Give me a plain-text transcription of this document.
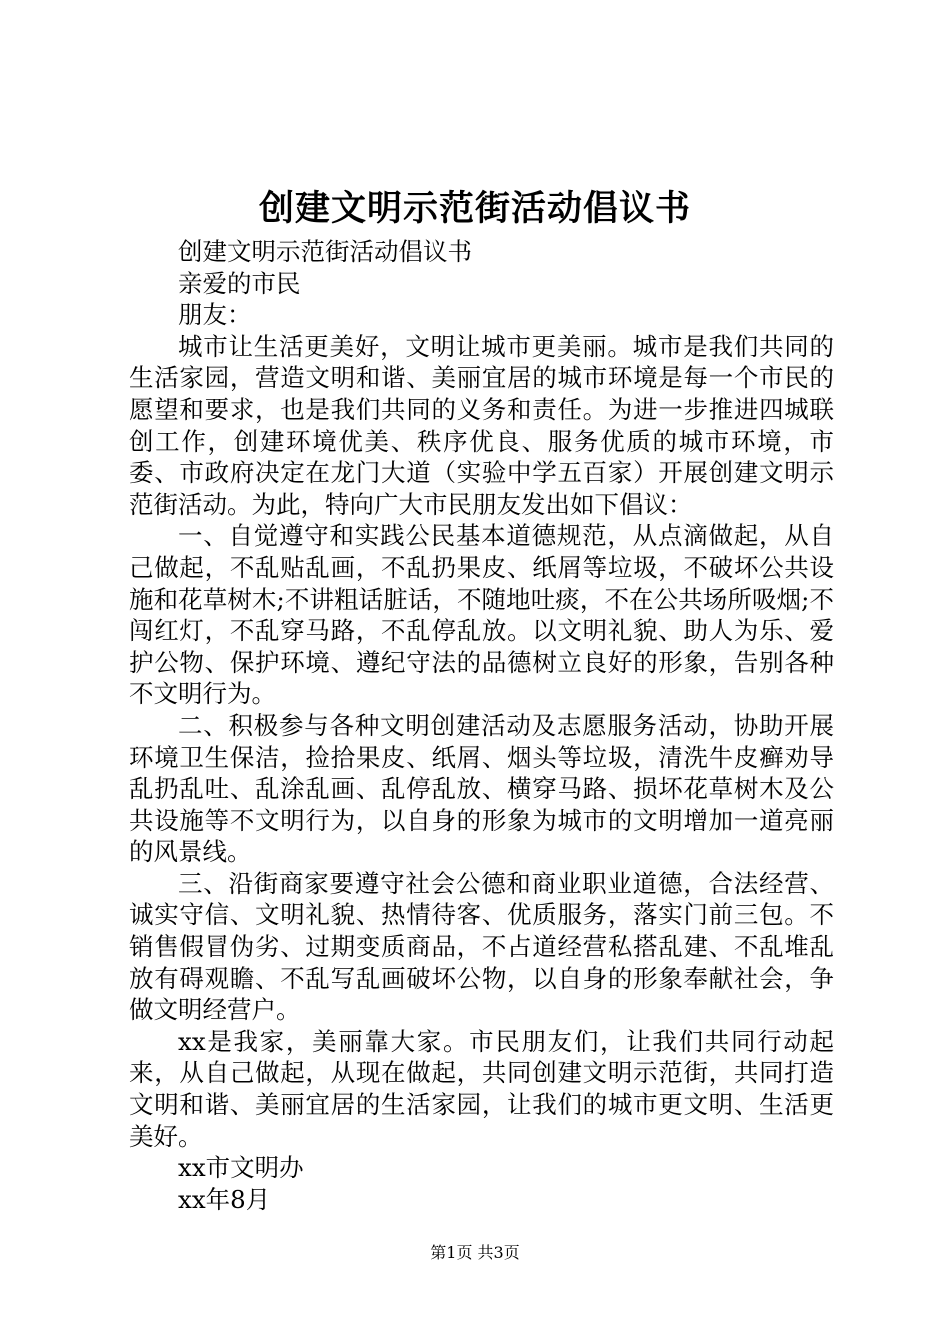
创建文明示范街活动倡议书

创建文明示范街活动倡议书

亲爱的市民

朋友：

城市让生活更美好，文明让城市更美丽。城市是我们共同的生活家园，营造文明和谐、美丽宜居的城市环境是每一个市民的愿望和要求，也是我们共同的义务和责任。为进一步推进四城联创工作，创建环境优美、秩序优良、服务优质的城市环境，市委、市政府决定在龙门大道（实验中学五百家）开展创建文明示范街活动。为此，特向广大市民朋友发出如下倡议：

一、自觉遵守和实践公民基本道德规范，从点滴做起，从自己做起，不乱贴乱画，不乱扔果皮、纸屑等垃圾，不破坏公共设施和花草树木;不讲粗话脏话，不随地吐痰，不在公共场所吸烟;不闯红灯，不乱穿马路，不乱停乱放。以文明礼貌、助人为乐、爱护公物、保护环境、遵纪守法的品德树立良好的形象，告别各种不文明行为。

二、积极参与各种文明创建活动及志愿服务活动，协助开展环境卫生保洁，捡拾果皮、纸屑、烟头等垃圾，清洗牛皮癣劝导乱扔乱吐、乱涂乱画、乱停乱放、横穿马路、损坏花草树木及公共设施等不文明行为，以自身的形象为城市的文明增加一道亮丽的风景线。

三、沿街商家要遵守社会公德和商业职业道德，合法经营、诚实守信、文明礼貌、热情待客、优质服务，落实门前三包。不销售假冒伪劣、过期变质商品，不占道经营私搭乱建、不乱堆乱放有碍观瞻、不乱写乱画破坏公物，以自身的形象奉献社会，争做文明经营户。

xx是我家，美丽靠大家。市民朋友们，让我们共同行动起来，从自己做起，从现在做起，共同创建文明示范街，共同打造文明和谐、美丽宜居的生活家园，让我们的城市更文明、生活更美好。

xx市文明办

xx年8月

第1页 共3页
